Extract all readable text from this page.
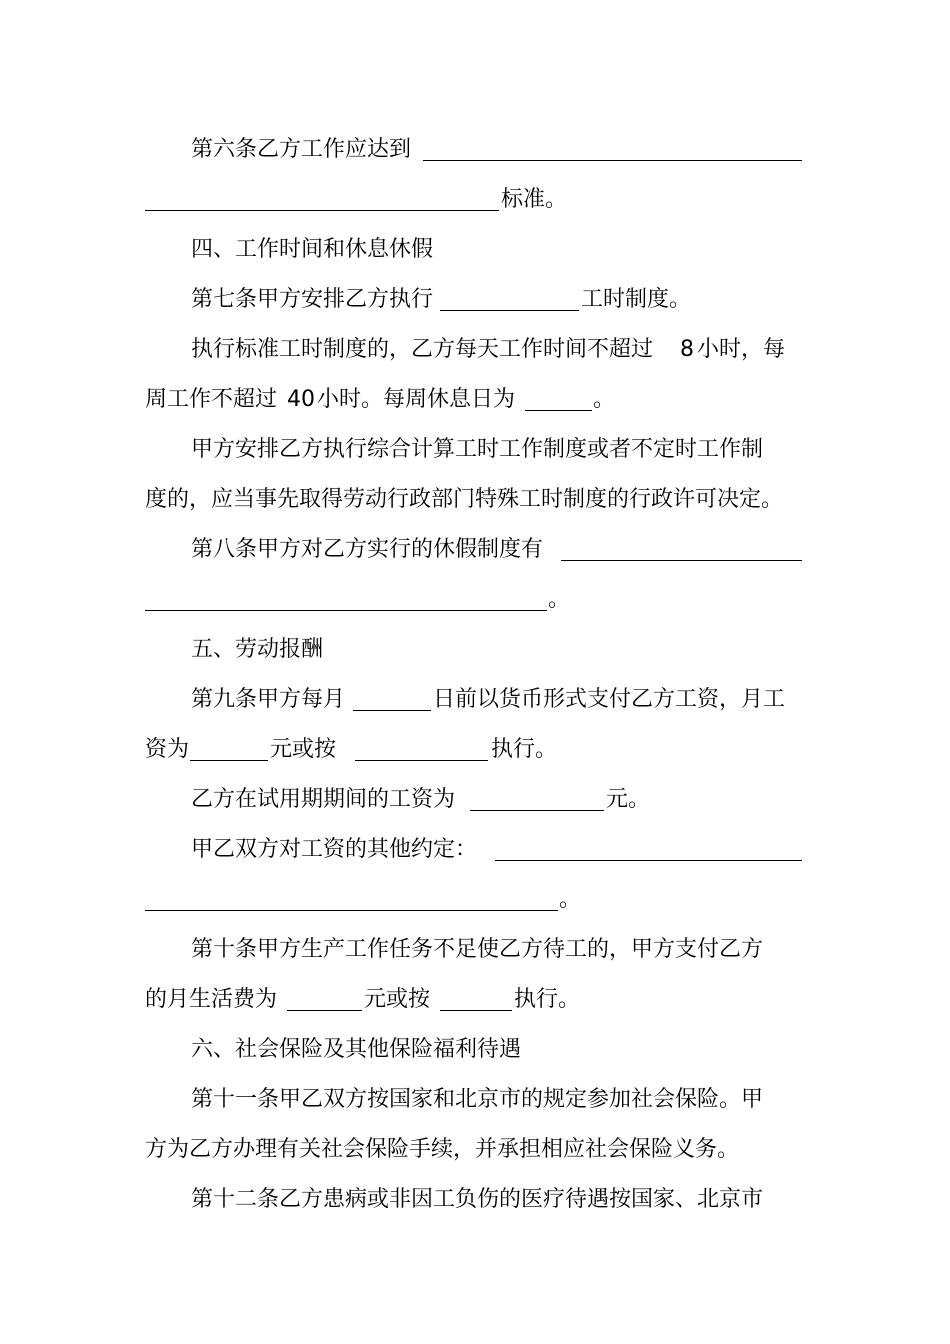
第六条乙方工作应达到
标准。
四、工作时间和休息休假
第七条甲方安排乙方执行	工时制度。
执行标准工时制度的，乙方每天工作时间不超过 8 小时，每
周工作不超过 40 小时。每周休息日为	。
甲方安排乙方执行综合计算工时工作制度或者不定时工作制
度的，应当事先取得劳动行政部门特殊工时制度的行政许可决定。
第八条甲方对乙方实行的休假制度有
。
五、劳动报酬
第九条甲方每月	日前以货币形式支付乙方工资，月工
资为	元或按	执行。
乙方在试用期期间的工资为	元。
甲乙双方对工资的其他约定：
。
第十条甲方生产工作任务不足使乙方待工的，甲方支付乙方
的月生活费为	元或按	执行。
六、社会保险及其他保险福利待遇
第十一条甲乙双方按国家和北京市的规定参加社会保险。甲
方为乙方办理有关社会保险手续，并承担相应社会保险义务。
第十二条乙方患病或非因工负伤的医疗待遇按国家、北京市
